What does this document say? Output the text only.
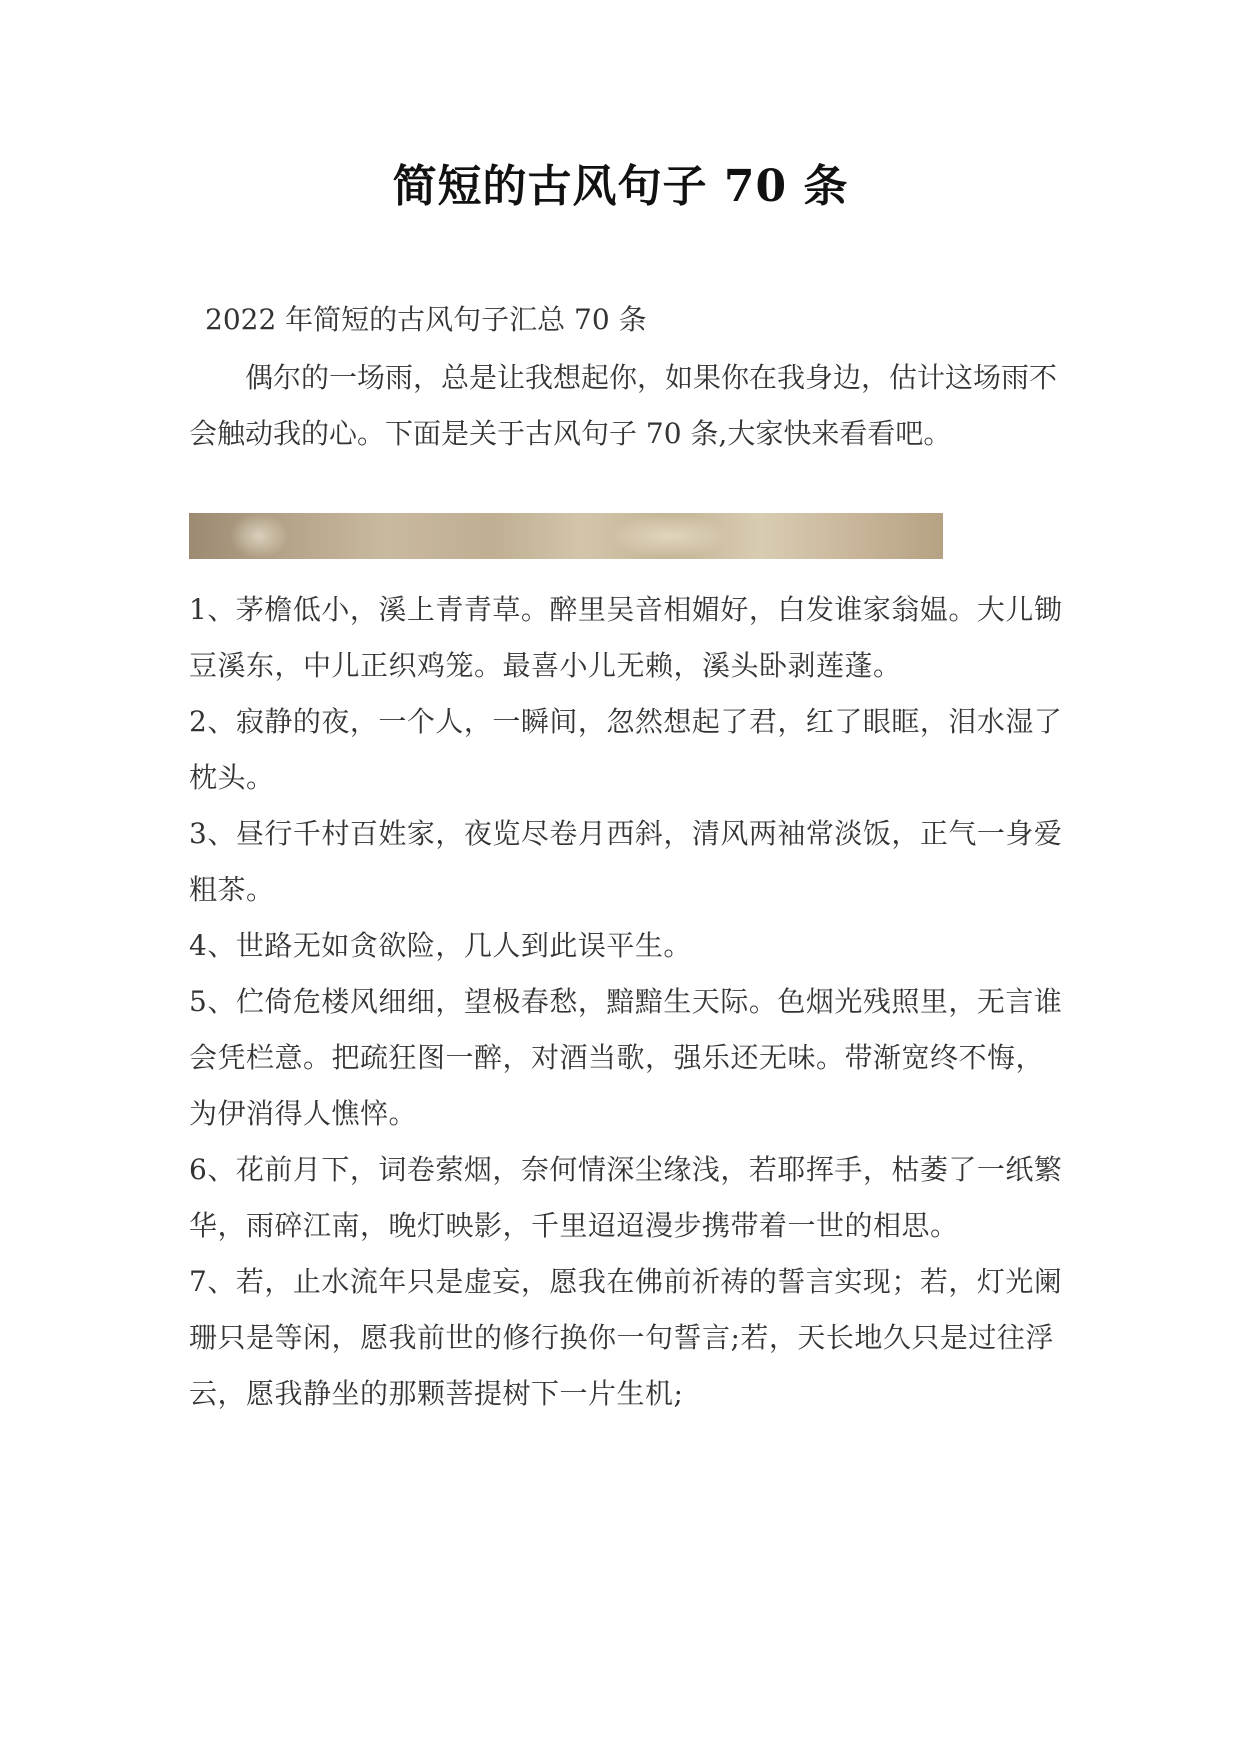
简短的古风句子 70 条

2022 年简短的古风句子汇总 70 条

偶尔的一场雨，总是让我想起你，如果你在我身边，估计这场雨不会触动我的心。下面是关于古风句子 70 条,大家快来看看吧。

1、茅檐低小，溪上青青草。醉里吴音相媚好，白发谁家翁媪。大儿锄豆溪东，中儿正织鸡笼。最喜小儿无赖，溪头卧剥莲蓬。
2、寂静的夜，一个人，一瞬间，忽然想起了君，红了眼眶，泪水湿了枕头。
3、昼行千村百姓家，夜览尽卷月西斜，清风两袖常淡饭，正气一身爱粗茶。
4、世路无如贪欲险，几人到此误平生。
5、伫倚危楼风细细，望极春愁，黯黯生天际。色烟光残照里，无言谁会凭栏意。把疏狂图一醉，对酒当歌，强乐还无味。带渐宽终不悔，为伊消得人憔悴。
6、花前月下，词卷萦烟，奈何情深尘缘浅，若耶挥手，枯萎了一纸繁华，雨碎江南，晚灯映影，千里迢迢漫步携带着一世的相思。
7、若，止水流年只是虚妄，愿我在佛前祈祷的誓言实现；若，灯光阑珊只是等闲，愿我前世的修行换你一句誓言;若，天长地久只是过往浮云，愿我静坐的那颗菩提树下一片生机;
